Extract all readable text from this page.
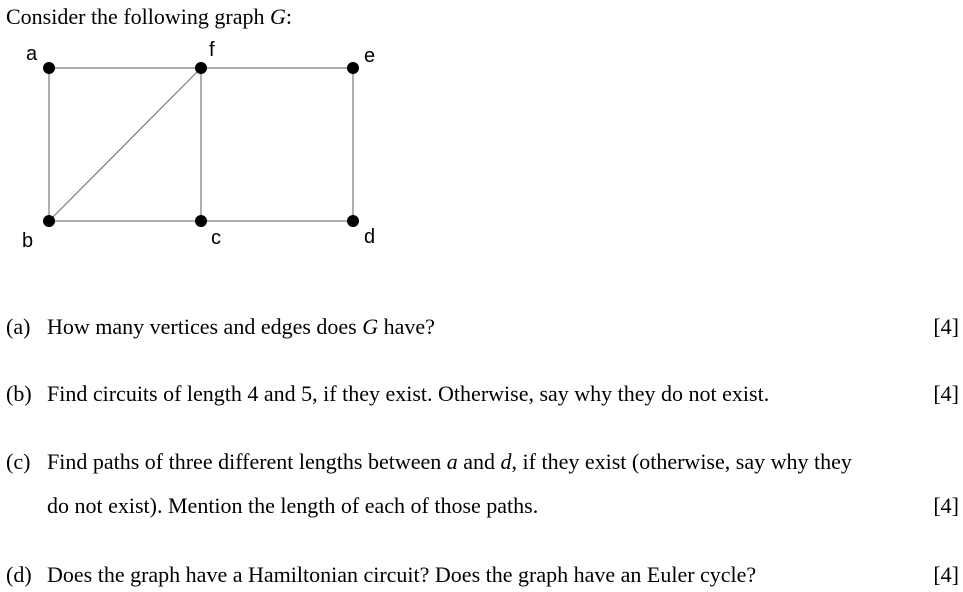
Consider the following graph G:
a	f	e
b	c	d
(a) How many vertices and edges does G have?	[4]
(b) Find circuits of length 4 and 5, if they exist. Otherwise, say why they do not exist.	[4]
(c) Find paths of three different lengths between a and d, if they exist (otherwise, say why they
do not exist). Mention the length of each of those paths.	[4]
(d) Does the graph have a Hamiltonian circuit? Does the graph have an Euler cycle?	[4]
